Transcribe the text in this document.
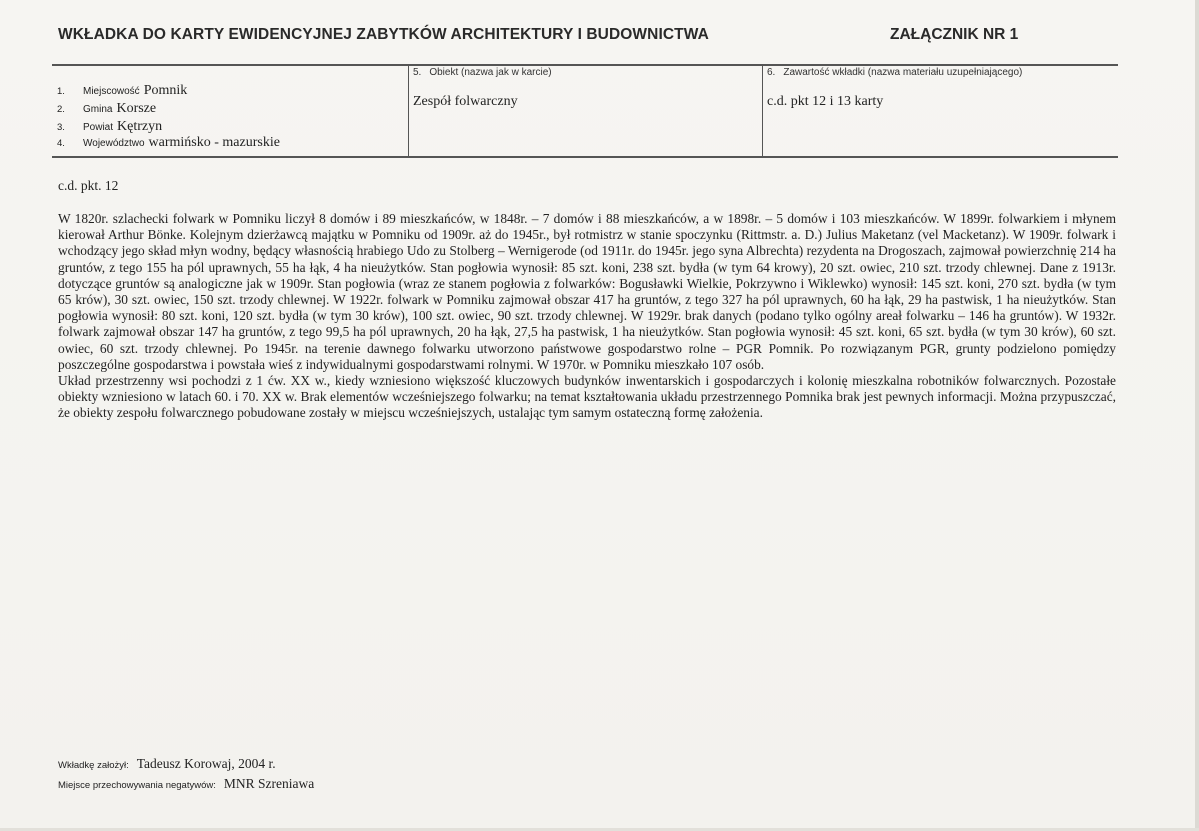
WKŁADKA DO KARTY EWIDENCYJNEJ ZABYTKÓW ARCHITEKTURY I BUDOWNICTWA	ZAŁĄCZNIK NR 1
1. Miejscowość Pomnik
2. Gmina Korsze
3. Powiat Kętrzyn
4. Województwo warmińsko - mazurskie
5. Obiekt (nazwa jak w karcie)
Zespół folwarczny
6. Zawartość wkładki (nazwa materiału uzupełniającego)
c.d. pkt 12 i 13 karty
c.d. pkt. 12

W 1820r. szlachecki folwark w Pomniku liczył 8 domów i 89 mieszkańców, w 1848r. – 7 domów i 88 mieszkańców, a w 1898r. – 5 domów i 103 mieszkańców. W 1899r. folwarkiem i młynem kierował Arthur Bönke. Kolejnym dzierżawcą majątku w Pomniku od 1909r. aż do 1945r., był rotmistrz w stanie spoczynku (Rittmstr. a. D.) Julius Maketanz (vel Macketanz). W 1909r. folwark i wchodzący jego skład młyn wodny, będący własnością hrabiego Udo zu Stolberg – Wernigerode (od 1911r. do 1945r. jego syna Albrechta) rezydenta na Drogoszach, zajmował powierzchnię 214 ha gruntów, z tego 155 ha pól uprawnych, 55 ha łąk, 4 ha nieużytków. Stan pogłowia wynosił: 85 szt. koni, 238 szt. bydła (w tym 64 krowy), 20 szt. owiec, 210 szt. trzody chlewnej. Dane z 1913r. dotyczące gruntów są analogiczne jak w 1909r. Stan pogłowia (wraz ze stanem pogłowia z folwarków: Bogusławki Wielkie, Pokrzywno i Wiklewko) wynosił: 145 szt. koni, 270 szt. bydła (w tym 65 krów), 30 szt. owiec, 150 szt. trzody chlewnej. W 1922r. folwark w Pomniku zajmował obszar 417 ha gruntów, z tego 327 ha pól uprawnych, 60 ha łąk, 29 ha pastwisk, 1 ha nieużytków. Stan pogłowia wynosił: 80 szt. koni, 120 szt. bydła (w tym 30 krów), 100 szt. owiec, 90 szt. trzody chlewnej. W 1929r. brak danych (podano tylko ogólny areał folwarku – 146 ha gruntów). W 1932r. folwark zajmował obszar 147 ha gruntów, z tego 99,5 ha pól uprawnych, 20 ha łąk, 27,5 ha pastwisk, 1 ha nieużytków. Stan pogłowia wynosił: 45 szt. koni, 65 szt. bydła (w tym 30 krów), 60 szt. owiec, 60 szt. trzody chlewnej. Po 1945r. na terenie dawnego folwarku utworzono państwowe gospodarstwo rolne – PGR Pomnik. Po rozwiązanym PGR, grunty podzielono pomiędzy poszczególne gospodarstwa i powstała wieś z indywidualnymi gospodarstwami rolnymi. W 1970r. w Pomniku mieszkało 107 osób.

Układ przestrzenny wsi pochodzi z 1 ćw. XX w., kiedy wzniesiono większość kluczowych budynków inwentarskich i gospodarczych i kolonię mieszkalna robotników folwarcznych. Pozostałe obiekty wzniesiono w latach 60. i 70. XX w. Brak elementów wcześniejszego folwarku; na temat kształtowania układu przestrzennego Pomnika brak jest pewnych informacji. Można przypuszczać, że obiekty zespołu folwarcznego pobudowane zostały w miejscu wcześniejszych, ustalając tym samym ostateczną formę założenia.

Wkładkę założył: Tadeusz Korowaj, 2004 r.
Miejsce przechowywania negatywów: MNR Szreniawa
